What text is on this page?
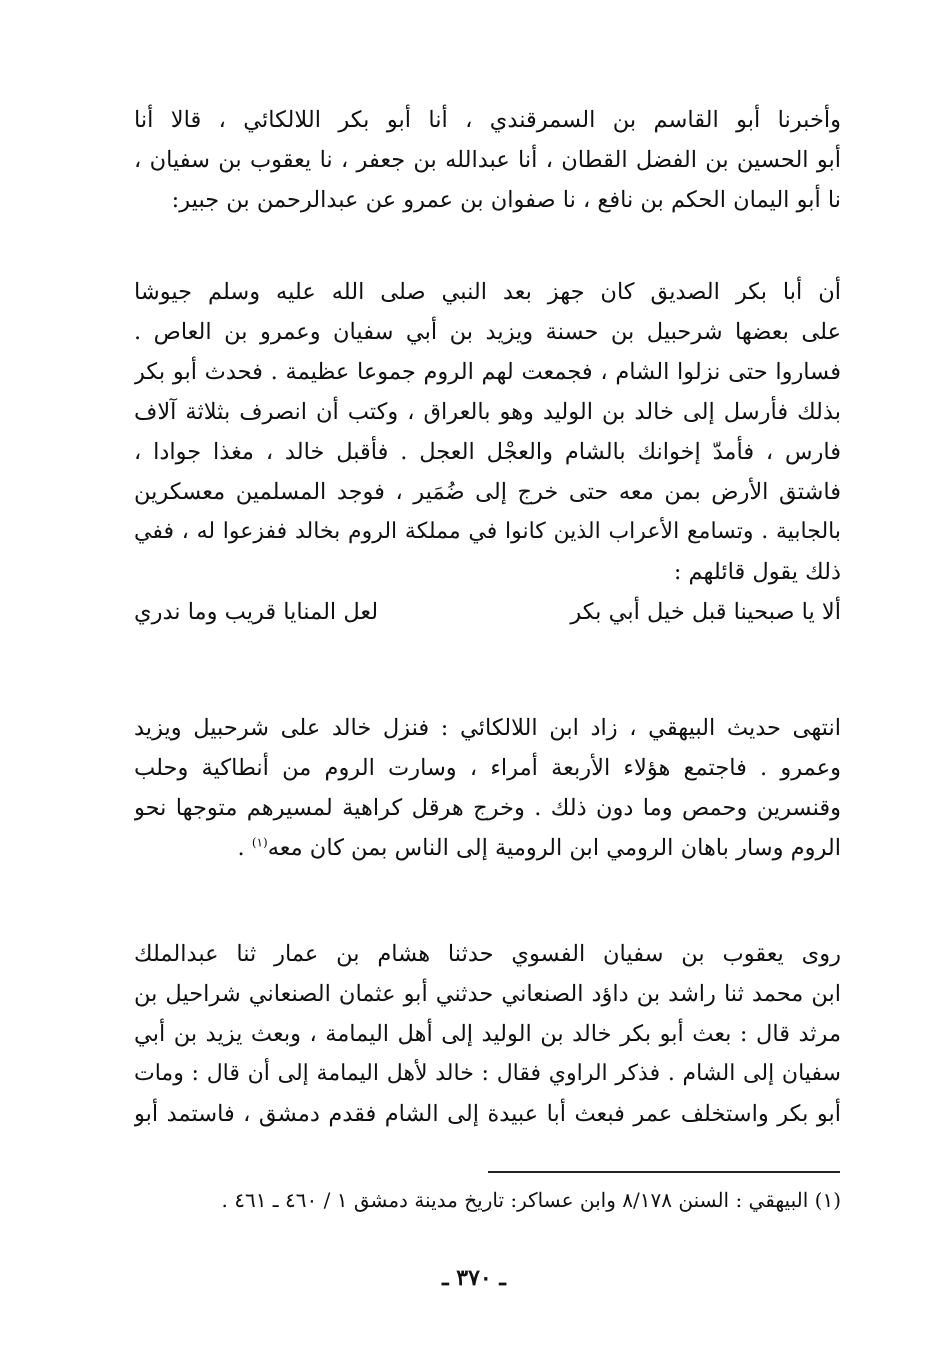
وأخبرنا أبو القاسم بن السمرقندي ، أنا أبو بكر اللالكائي ، قالا أنا
أبو الحسين بن الفضل القطان ، أنا عبدالله بن جعفر ، نا يعقوب بن سفيان ،
نا أبو اليمان الحكم بن نافع ، نا صفوان بن عمرو عن عبدالرحمن بن جبير:
أن أبا بكر الصديق كان جهز بعد النبي صلى الله عليه وسلم جيوشا
على بعضها شرحبيل بن حسنة ويزيد بن أبي سفيان وعمرو بن العاص .
فساروا حتى نزلوا الشام ، فجمعت لهم الروم جموعا عظيمة . فحدث أبو بكر
بذلك فأرسل إلى خالد بن الوليد وهو بالعراق ، وكتب أن انصرف بثلاثة آلاف
فارس ، فأمدّ إخوانك بالشام والعجْل العجل . فأقبل خالد ، مغذا جوادا ،
فاشتق الأرض بمن معه حتى خرج إلى ضُمَير ، فوجد المسلمين معسكرين
بالجابية . وتسامع الأعراب الذين كانوا في مملكة الروم بخالد ففزعوا له ، ففي
ذلك يقول قائلهم :
ألا يا صبحينا قبل خيل أبي بكر
لعل المنايا قريب وما ندري
انتهى حديث البيهقي ، زاد ابن اللالكائي : فنزل خالد على شرحبيل ويزيد
وعمرو . فاجتمع هؤلاء الأربعة أمراء ، وسارت الروم من أنطاكية وحلب
وقنسرين وحمص وما دون ذلك . وخرج هرقل كراهية لمسيرهم متوجها نحو
الروم وسار باهان الرومي ابن الرومية إلى الناس بمن كان معه$^{(١)}$ .
روى يعقوب بن سفيان الفسوي حدثنا هشام بن عمار ثنا عبدالملك
ابن محمد ثنا راشد بن داؤد الصنعاني حدثني أبو عثمان الصنعاني شراحيل بن
مرثد قال : بعث أبو بكر خالد بن الوليد إلى أهل اليمامة ، وبعث يزيد بن أبي
سفيان إلى الشام . فذكر الراوي فقال : خالد لأهل اليمامة إلى أن قال : ومات
أبو بكر واستخلف عمر فبعث أبا عبيدة إلى الشام فقدم دمشق ، فاستمد أبو
(١) البيهقي : السنن ٨/١٧٨ وابن عساكر: تاريخ مدينة دمشق ١ / ٤٦٠ ـ ٤٦١ .
ـ ٣٧٠ ـ
